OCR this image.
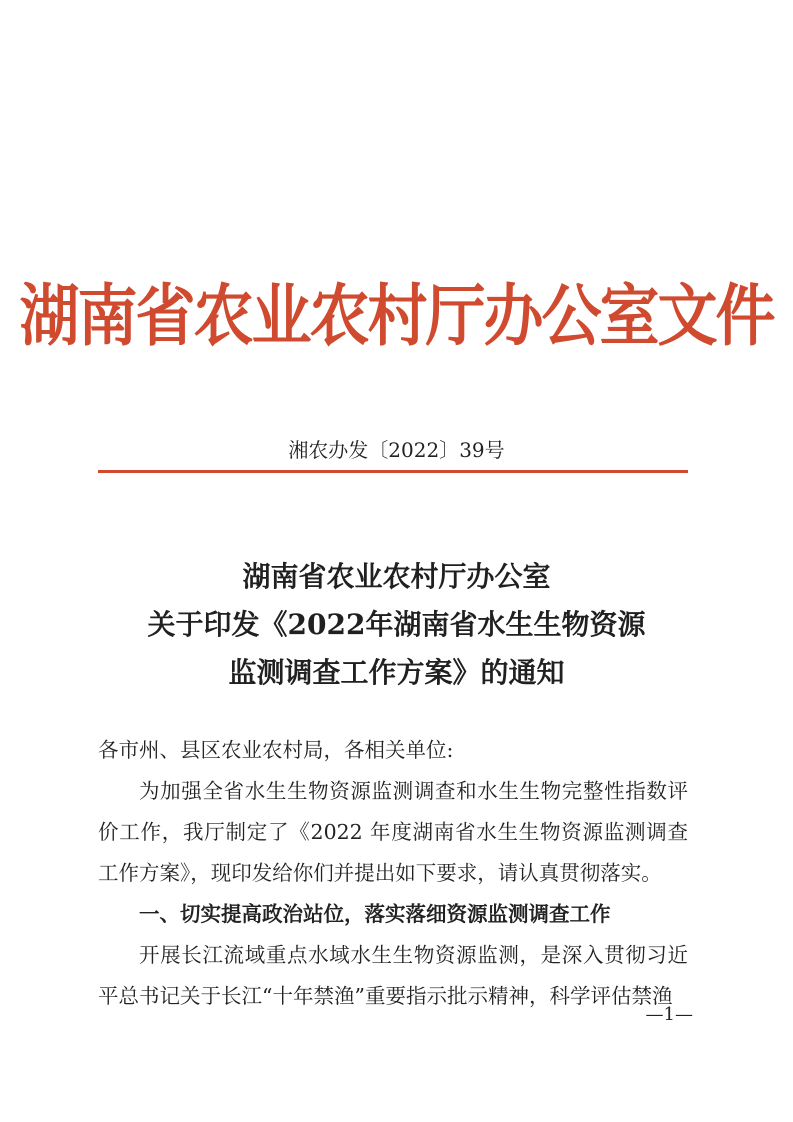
湖南省农业农村厅办公室文件
湘农办发〔2022〕39号
湖南省农业农村厅办公室
关于印发《2022年湖南省水生生物资源
监测调查工作方案》的通知

各市州、县区农业农村局，各相关单位:

为加强全省水生生物资源监测调查和水生生物完整性指数评价工作，我厅制定了《2022 年度湖南省水生生物资源监测调查工作方案》，现印发给你们并提出如下要求，请认真贯彻落实。

一、切实提高政治站位，落实落细资源监测调查工作

开展长江流域重点水域水生生物资源监测，是深入贯彻习近平总书记关于长江“十年禁渔”重要指示批示精神，科学评估禁渔

—1—
